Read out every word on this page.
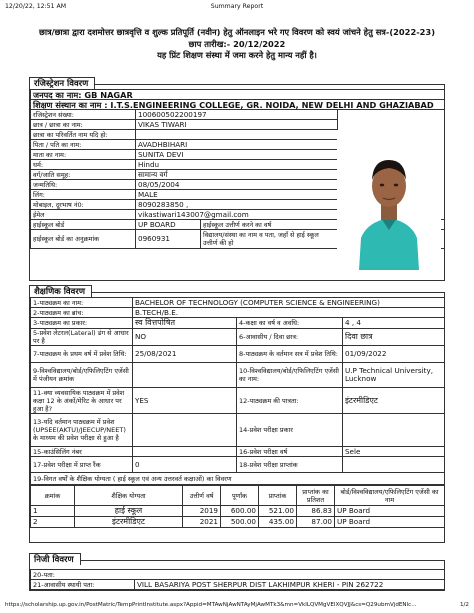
12/20/22, 12:51 AM	Summary Report
छात्र/छात्रा द्वारा दशमोत्तर छात्रवृत्ति व शुल्क प्रतिपूर्ति (नवीन) हेतु ऑनलाइन भरे गए विवरण को स्वयं जांचने हेतु सत्र-(2022-23)
छाप तारीख:- 20/12/2022
यह प्रिंट शिक्षण संस्था में जमा करने हेतु मान्य नहीं है।
रजिस्ट्रेशन विवरण
जनपद का नाम: GB NAGAR			
शिक्षण संस्थान का नाम : I.T.S.ENGINEERING COLLEGE, GR. NOIDA, NEW DELHI AND GHAZIABAD			
रजिस्ट्रेशन संख्या:	100600502200197		
छात्र / छात्रा का नाम:	VIKAS TIWARI		
छात्रा का परिवर्तित नाम यदि हो:			
पिता / पति का नाम:	AVADHBIHARI		
माता का नाम:	SUNITA DEVI		
धर्म:	Hindu		
वर्ग/जाति समूह:	सामान्य वर्ग		
जन्मतिथि:	08/05/2004		
लिंग:	MALE		
मोबाइल, दूरभाष नं0:	8090283850 ,		
ईमेल	vikastiwari143007@gmail.com		
हाईस्कूल बोर्ड	UP BOARD	हाईस्कूल उत्तीर्ण करने का वर्ष	
हाईस्कूल बोर्ड का अनुक्रमांक	0960931	विद्यालय/संस्था का नाम व पता, जहाँ से हाई स्कूल उत्तीर्ण की हो	
शैक्षणिक विवरण
1-पाठ्यक्रम का नाम:	BACHELOR OF TECHNOLOGY (COMPUTER SCIENCE & ENGINEERING)		
2-पाठ्यक्रम का ब्रांच:	B.TECH/B.E.		
3-पाठ्यक्रम का प्रकार:	स्व वित्तपोषित	4-कक्षा का वर्ष व अवधि:	4 , 4
5-प्रवेश लेटरल(Lateral) ढंग से आधार पर है	NO	6-आवासीय / दिवा छात्र:	दिवा छात्र
7-पाठ्यक्रम के प्रथम वर्ष में प्रवेश तिथि:	25/08/2021	8-पाठ्यक्रम के वर्तमान सत्र में प्रवेश तिथि:	01/09/2022
9-विश्वविद्यालय/बोर्ड/एफिलिएटिंग एजेंसी में पंजीयन क्रमांक		10-विश्वविद्यालय/बोर्ड/एफिलिएटिंग एजेंसी का नाम:	U.P Technical University, Lucknow
11-क्या व्यवसायिक पाठ्यक्रम में प्रवेश कक्षा 12 के अंकों/मेरिट के आधार पर हुआ है?	YES	12-पाठ्यक्रम की पात्रता:	इंटरमीडिएट
13-यदि वर्तमान पाठ्यक्रम में प्रवेश (UPSEE(AKTU)/JEECUP/NEET) के माध्यम की प्रवेश परीक्षा से हुआ है		14-प्रवेश परीक्षा प्रकार	
15-काउंसिलिंग नंबर		16-प्रवेश परीक्षा वर्ष	Sele
17-प्रवेश परीक्षा में प्राप्त रैंक	0	18-प्रवेश परीक्षा प्राप्तांक	
19-विगत वर्षों के शैक्षिक योग्यता ( हाई स्कूल एवं अन्य उत्तरवर्त कक्षाओं) का विवरण			
क्रमांक	शैक्षिक योग्यता	उत्तीर्ण वर्ष	पूर्णांक	प्राप्तांक	प्राप्तांक का प्रतिशत	बोर्ड/विश्वविद्यालय/एफिलिएटिंग एजेंसी का नाम
1	हाई स्कूल	2019	600.00	521.00	86.83	UP Board
2	इंटरमीडिएट	2021	500.00	435.00	87.00	UP Board
निजी विवरण
20-पता:
21-आवासीय स्थायी पता:	VILL BASARIYA POST SHERPUR DIST LAKHIMPUR KHERI - PIN 262722
https://scholarship.up.gov.in/PostMatric/TempPrintInstitute.aspx?Appid=MTAwNjAwNTAyMjAwMTk3&mn=VklLQVMgVElXQVJJ&cs=Q29ubmVjdENlc...	1/2
